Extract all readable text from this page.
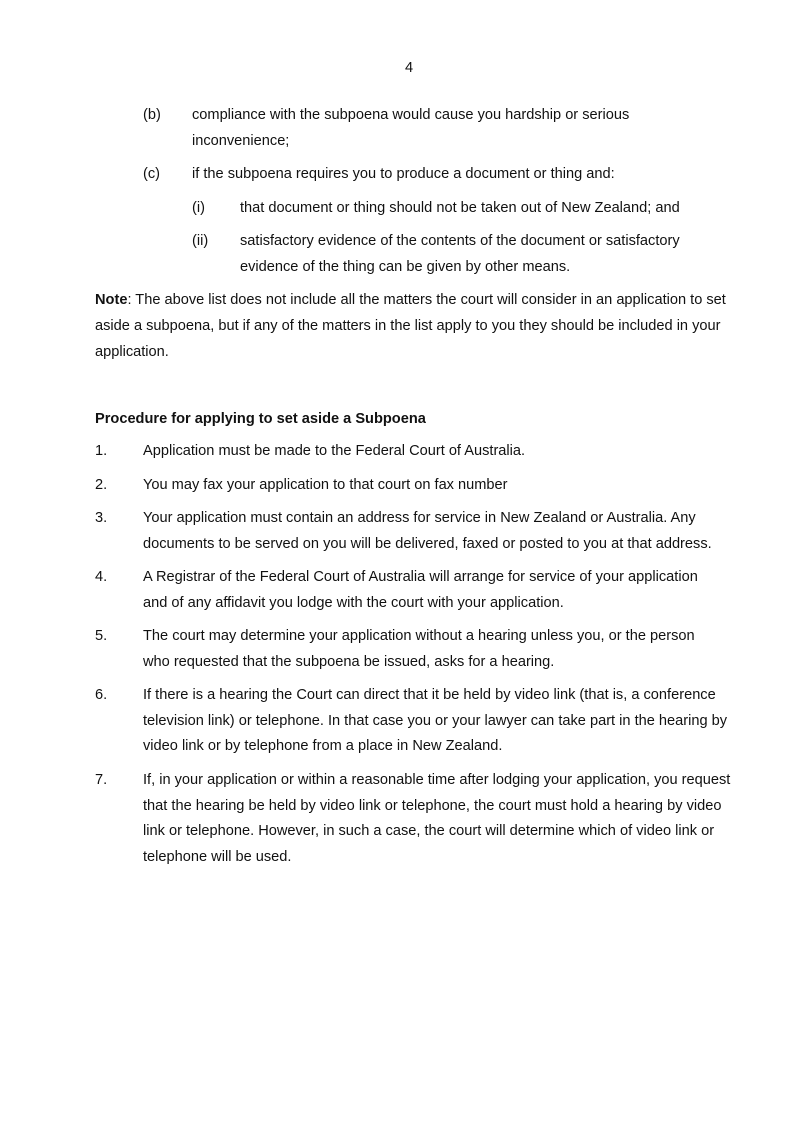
4
(b) compliance with the subpoena would cause you hardship or serious inconvenience;
(c) if the subpoena requires you to produce a document or thing and:
(i) that document or thing should not be taken out of New Zealand; and
(ii) satisfactory evidence of the contents of the document or satisfactory evidence of the thing can be given by other means.
Note: The above list does not include all the matters the court will consider in an application to set aside a subpoena, but if any of the matters in the list apply to you they should be included in your application.
Procedure for applying to set aside a Subpoena
1. Application must be made to the Federal Court of Australia.
2. You may fax your application to that court on fax number
3. Your application must contain an address for service in New Zealand or Australia. Any documents to be served on you will be delivered, faxed or posted to you at that address.
4. A Registrar of the Federal Court of Australia will arrange for service of your application and of any affidavit you lodge with the court with your application.
5. The court may determine your application without a hearing unless you, or the person who requested that the subpoena be issued, asks for a hearing.
6. If there is a hearing the Court can direct that it be held by video link (that is, a conference television link) or telephone. In that case you or your lawyer can take part in the hearing by video link or by telephone from a place in New Zealand.
7. If, in your application or within a reasonable time after lodging your application, you request that the hearing be held by video link or telephone, the court must hold a hearing by video link or telephone. However, in such a case, the court will determine which of video link or telephone will be used.
